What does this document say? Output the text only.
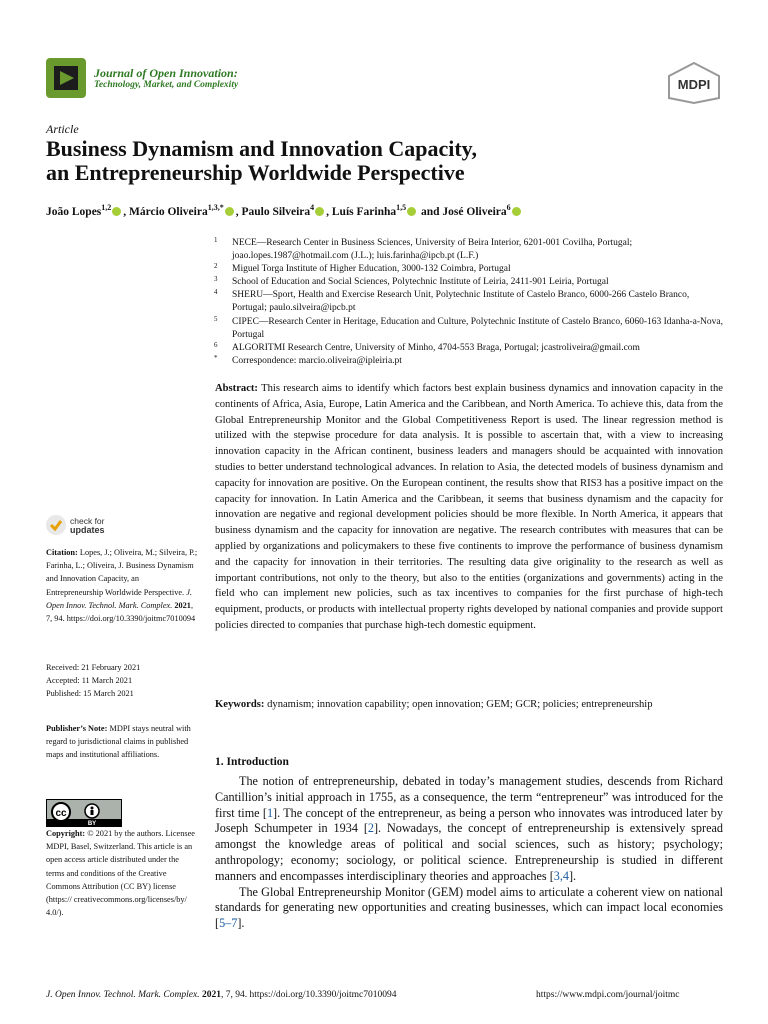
Journal of Open Innovation:
Technology, Market, and Complexity	MDPI
Article
Business Dynamism and Innovation Capacity,
an Entrepreneurship Worldwide Perspective
João Lopes$^{1,2}$ , Márcio Oliveira$^{1,3,*}$ , Paulo Silveira$^4$ , Luís Farinha$^{1,5}$ and José Oliveira$^6$
1 NECE—Research Center in Business Sciences, University of Beira Interior, 6201-001 Covilha, Portugal; joao.lopes.1987@hotmail.com (J.L.); luis.farinha@ipcb.pt (L.F.)
2 Miguel Torga Institute of Higher Education, 3000-132 Coimbra, Portugal
3 School of Education and Social Sciences, Polytechnic Institute of Leiria, 2411-901 Leiria, Portugal
4 SHERU—Sport, Health and Exercise Research Unit, Polytechnic Institute of Castelo Branco, 6000-266 Castelo Branco, Portugal; paulo.silveira@ipcb.pt
5 CIPEC—Research Center in Heritage, Education and Culture, Polytechnic Institute of Castelo Branco, 6060-163 Idanha-a-Nova, Portugal
6 ALGORITMI Research Centre, University of Minho, 4704-553 Braga, Portugal; jcastroliveira@gmail.com
* Correspondence: marcio.oliveira@ipleiria.pt
Abstract: This research aims to identify which factors best explain business dynamics and innovation capacity in the continents of Africa, Asia, Europe, Latin America and the Caribbean, and North America. To achieve this, data from the Global Entrepreneurship Monitor and the Global Competitiveness Report is used. The linear regression method is utilized with the stepwise procedure for data analysis. It is possible to ascertain that, with a view to increasing innovation capacity in the African continent, business leaders and managers should be acquainted with innovation studies to better understand technological advances. In relation to Asia, the detected models of business dynamism and capacity for innovation are positive. On the European continent, the results show that RIS3 has a positive impact on the capacity for innovation. In Latin America and the Caribbean, it seems that business dynamism and the capacity for innovation are negative and regional development policies should be more flexible. In North America, it appears that business dynamism and the capacity for innovation are negative. The research contributes with measures that can be applied by organizations and policymakers to these five continents to improve the performance of business dynamism and the capacity for innovation in their territories. The resulting data give originality to the research as well as important contributions, not only to the theory, but also to the entities (organizations and governments) acting in the field who can implement new policies, such as tax incentives to companies for the first purchase of high-tech equipment, products, or products with intellectual property rights developed by national companies and provide support policies directed to companies that purchase high-tech domestic equipment.
Keywords: dynamism; innovation capability; open innovation; GEM; GCR; policies; entrepreneurship
1. Introduction

The notion of entrepreneurship, debated in today’s management studies, descends from Richard Cantillion’s initial approach in 1755, as a consequence, the term “entrepreneur” was introduced for the first time [1]. The concept of the entrepreneur, as being a person who innovates was introduced later by Joseph Schumpeter in 1934 [2]. Nowadays, the concept of entrepreneurship is extensively spread amongst the knowledge areas of political and social sciences, such as history; psychology; anthropology; economy; sociology, or political science. Entrepreneurship is studied in different manners and encompasses interdisciplinary theories and approaches [3,4].

The Global Entrepreneurship Monitor (GEM) model aims to articulate a coherent view on national standards for generating new opportunities and creating businesses, which can impact local economies [5–7].

check for
updates
Citation: Lopes, J.; Oliveira, M.; Silveira, P.; Farinha, L.; Oliveira, J. Business Dynamism and Innovation Capacity, an Entrepreneurship Worldwide Perspective. J. Open Innov. Technol. Mark. Complex. 2021, 7, 94. https://doi.org/10.3390/joitmc7010094
Received: 21 February 2021
Accepted: 11 March 2021
Published: 15 March 2021
Publisher’s Note: MDPI stays neutral with regard to jurisdictional claims in published maps and institutional affiliations.
cc
BY
Copyright: © 2021 by the authors. Licensee MDPI, Basel, Switzerland. This article is an open access article distributed under the terms and conditions of the Creative Commons Attribution (CC BY) license (https:// creativecommons.org/licenses/by/ 4.0/).
J. Open Innov. Technol. Mark. Complex. 2021, 7, 94. https://doi.org/10.3390/joitmc7010094	https://www.mdpi.com/journal/joitmc
